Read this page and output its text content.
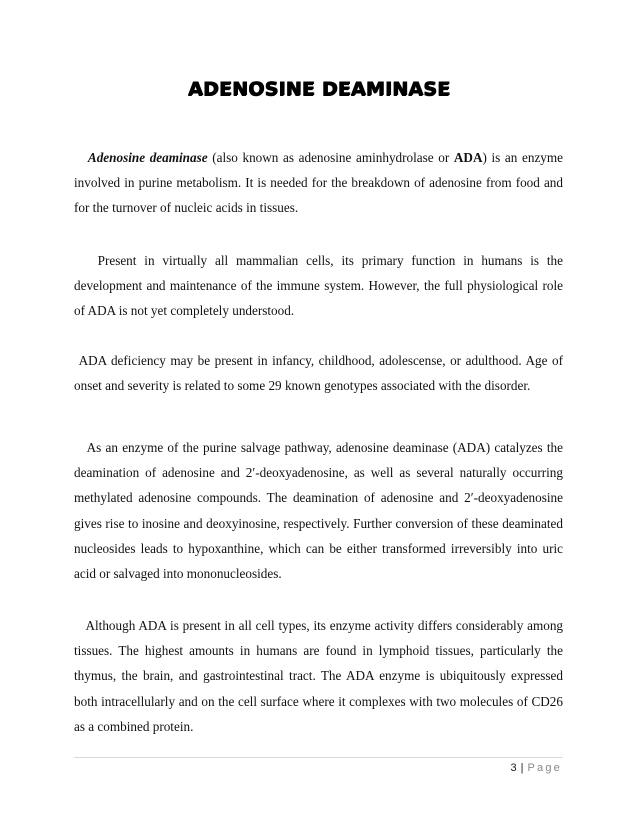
ADENOSINE DEAMINASE

Adenosine deaminase (also known as adenosine aminhydrolase or ADA) is an enzyme involved in purine metabolism. It is needed for the breakdown of adenosine from food and for the turnover of nucleic acids in tissues.

Present in virtually all mammalian cells, its primary function in humans is the development and maintenance of the immune system. However, the full physiological role of ADA is not yet completely understood.

ADA deficiency may be present in infancy, childhood, adolescense, or adulthood. Age of onset and severity is related to some 29 known genotypes associated with the disorder.

As an enzyme of the purine salvage pathway, adenosine deaminase (ADA) catalyzes the deamination of adenosine and 2′-deoxyadenosine, as well as several naturally occurring methylated adenosine compounds. The deamination of adenosine and 2′-deoxyadenosine gives rise to inosine and deoxyinosine, respectively. Further conversion of these deaminated nucleosides leads to hypoxanthine, which can be either transformed irreversibly into uric acid or salvaged into mononucleosides.

Although ADA is present in all cell types, its enzyme activity differs considerably among tissues. The highest amounts in humans are found in lymphoid tissues, particularly the thymus, the brain, and gastrointestinal tract. The ADA enzyme is ubiquitously expressed both intracellularly and on the cell surface where it complexes with two molecules of CD26 as a combined protein.

3 | Page
